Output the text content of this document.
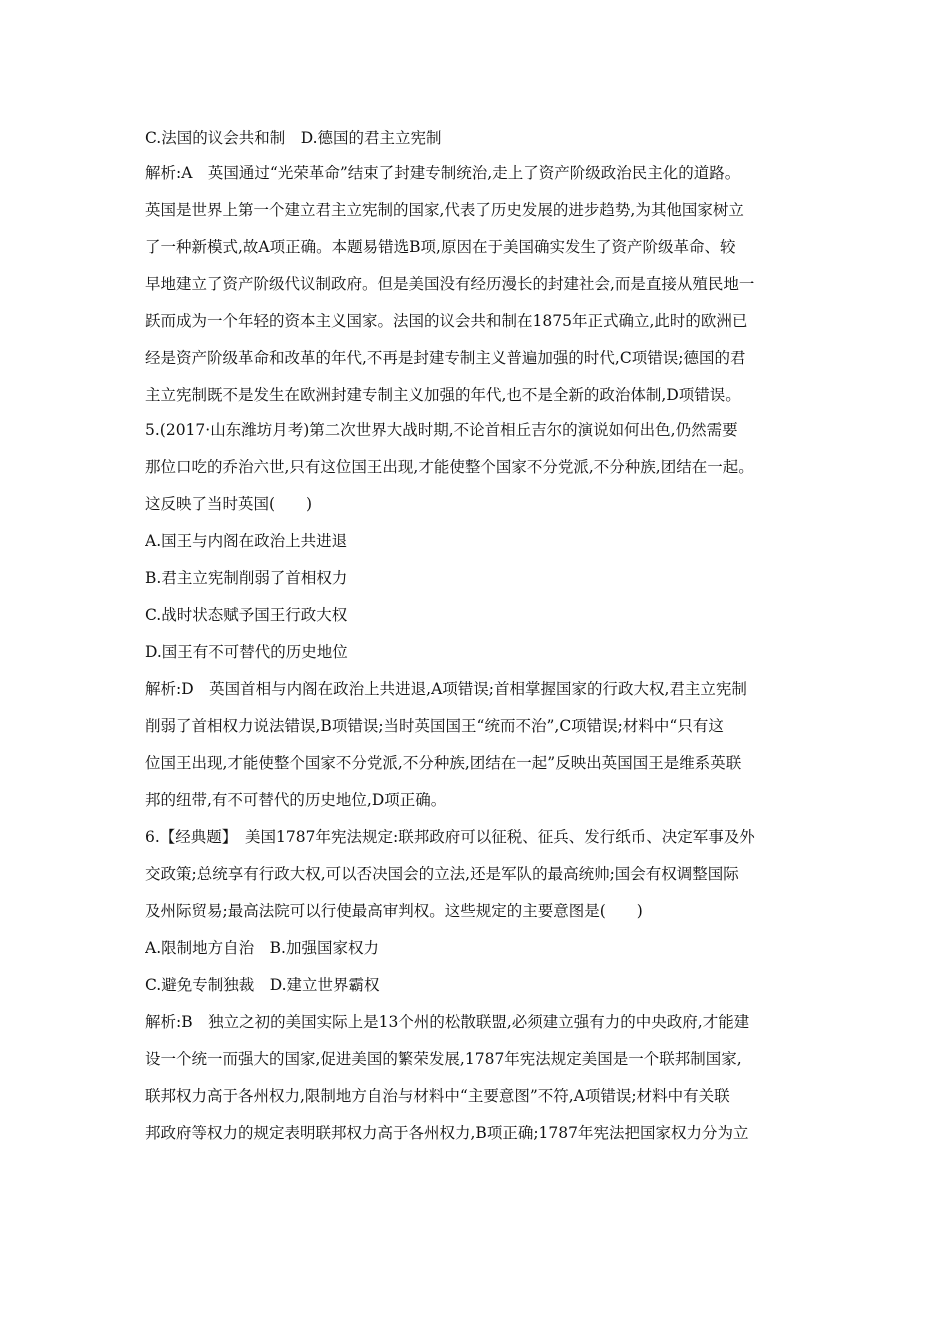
C.法国的议会共和制　D.德国的君主立宪制
解析:A　英国通过“光荣革命”结束了封建专制统治,走上了资产阶级政治民主化的道路。
英国是世界上第一个建立君主立宪制的国家,代表了历史发展的进步趋势,为其他国家树立
了一种新模式,故A项正确。本题易错选B项,原因在于美国确实发生了资产阶级革命、较
早地建立了资产阶级代议制政府。但是美国没有经历漫长的封建社会,而是直接从殖民地一
跃而成为一个年轻的资本主义国家。法国的议会共和制在1875年正式确立,此时的欧洲已
经是资产阶级革命和改革的年代,不再是封建专制主义普遍加强的时代,C项错误;德国的君
主立宪制既不是发生在欧洲封建专制主义加强的年代,也不是全新的政治体制,D项错误。
5.(2017·山东潍坊月考)第二次世界大战时期,不论首相丘吉尔的演说如何出色,仍然需要
那位口吃的乔治六世,只有这位国王出现,才能使整个国家不分党派,不分种族,团结在一起。
这反映了当时英国(　　)
A.国王与内阁在政治上共进退
B.君主立宪制削弱了首相权力
C.战时状态赋予国王行政大权
D.国王有不可替代的历史地位
解析:D　英国首相与内阁在政治上共进退,A项错误;首相掌握国家的行政大权,君主立宪制
削弱了首相权力说法错误,B项错误;当时英国国王“统而不治”,C项错误;材料中“只有这
位国王出现,才能使整个国家不分党派,不分种族,团结在一起”反映出英国国王是维系英联
邦的纽带,有不可替代的历史地位,D项正确。
6.【经典题】　美国1787年宪法规定:联邦政府可以征税、征兵、发行纸币、决定军事及外
交政策;总统享有行政大权,可以否决国会的立法,还是军队的最高统帅;国会有权调整国际
及州际贸易;最高法院可以行使最高审判权。这些规定的主要意图是(　　)
A.限制地方自治　B.加强国家权力
C.避免专制独裁　D.建立世界霸权
解析:B　独立之初的美国实际上是13个州的松散联盟,必须建立强有力的中央政府,才能建
设一个统一而强大的国家,促进美国的繁荣发展,1787年宪法规定美国是一个联邦制国家,
联邦权力高于各州权力,限制地方自治与材料中“主要意图”不符,A项错误;材料中有关联
邦政府等权力的规定表明联邦权力高于各州权力,B项正确;1787年宪法把国家权力分为立
